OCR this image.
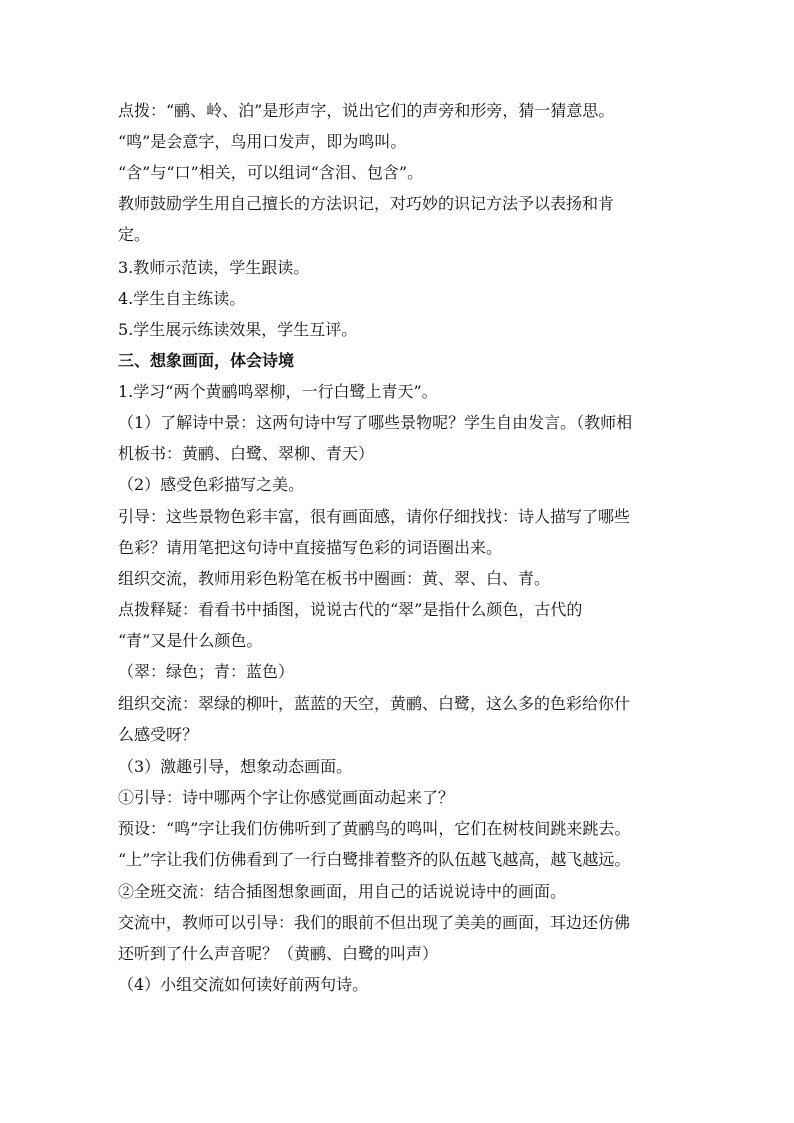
点拨：“鹂、岭、泊”是形声字，说出它们的声旁和形旁，猜一猜意思。
“鸣”是会意字，鸟用口发声，即为鸣叫。
“含”与“口”相关，可以组词“含泪、包含”。
教师鼓励学生用自己擅长的方法识记，对巧妙的识记方法予以表扬和肯
定。
3.教师示范读，学生跟读。
4.学生自主练读。
5.学生展示练读效果，学生互评。
三、想象画面，体会诗境
1.学习“两个黄鹂鸣翠柳，一行白鹭上青天”。
（1）了解诗中景：这两句诗中写了哪些景物呢？学生自由发言。（教师相
机板书：黄鹂、白鹭、翠柳、青天）
（2）感受色彩描写之美。
引导：这些景物色彩丰富，很有画面感，请你仔细找找：诗人描写了哪些
色彩？请用笔把这句诗中直接描写色彩的词语圈出来。
组织交流，教师用彩色粉笔在板书中圈画：黄、翠、白、青。
点拨释疑：看看书中插图，说说古代的“翠”是指什么颜色，古代的
“青”又是什么颜色。
（翠：绿色；青：蓝色）
组织交流：翠绿的柳叶，蓝蓝的天空，黄鹂、白鹭，这么多的色彩给你什
么感受呀？
（3）激趣引导，想象动态画面。
①引导：诗中哪两个字让你感觉画面动起来了？
预设：“鸣”字让我们仿佛听到了黄鹂鸟的鸣叫，它们在树枝间跳来跳去。
“上”字让我们仿佛看到了一行白鹭排着整齐的队伍越飞越高，越飞越远。
②全班交流：结合插图想象画面，用自己的话说说诗中的画面。
交流中，教师可以引导：我们的眼前不但出现了美美的画面，耳边还仿佛
还听到了什么声音呢？（黄鹂、白鹭的叫声）
（4）小组交流如何读好前两句诗。
